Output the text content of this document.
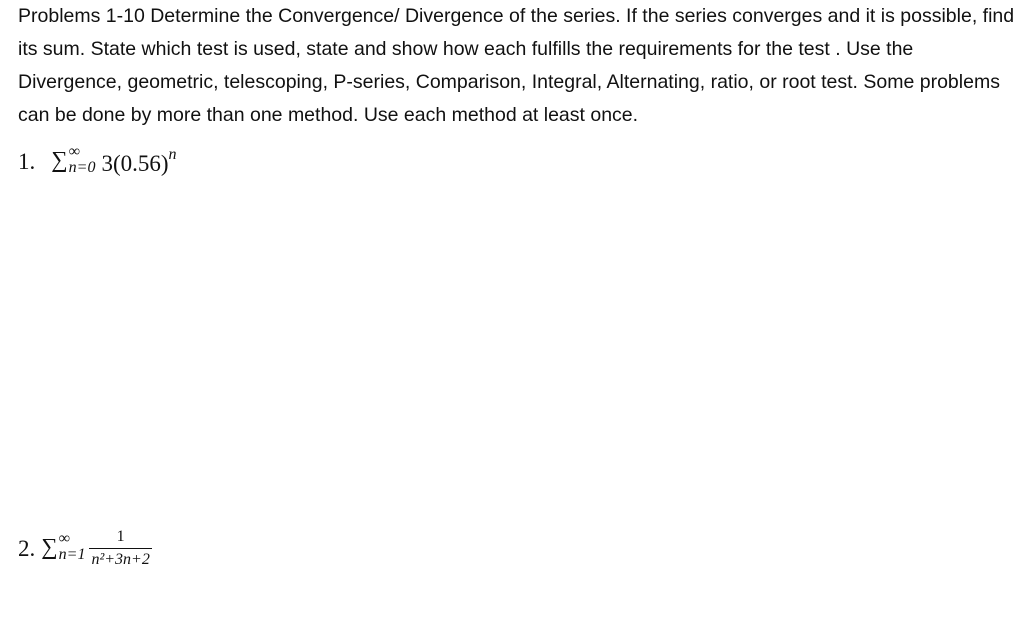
Problems 1-10 Determine the Convergence/ Divergence of the series. If the series converges and it is possible, find its sum. State which test is used, state and show how each fulfills the requirements for the test . Use the Divergence, geometric, telescoping, P-series, Comparison, Integral, Alternating, ratio, or root test. Some problems can be done by more than one method. Use each method at least once.

1. ∑ ∞
n=0 $3(0.56)^n$
2. ∑ ∞
$n=1 \frac{1}{\text{n²+3n+2}}$
